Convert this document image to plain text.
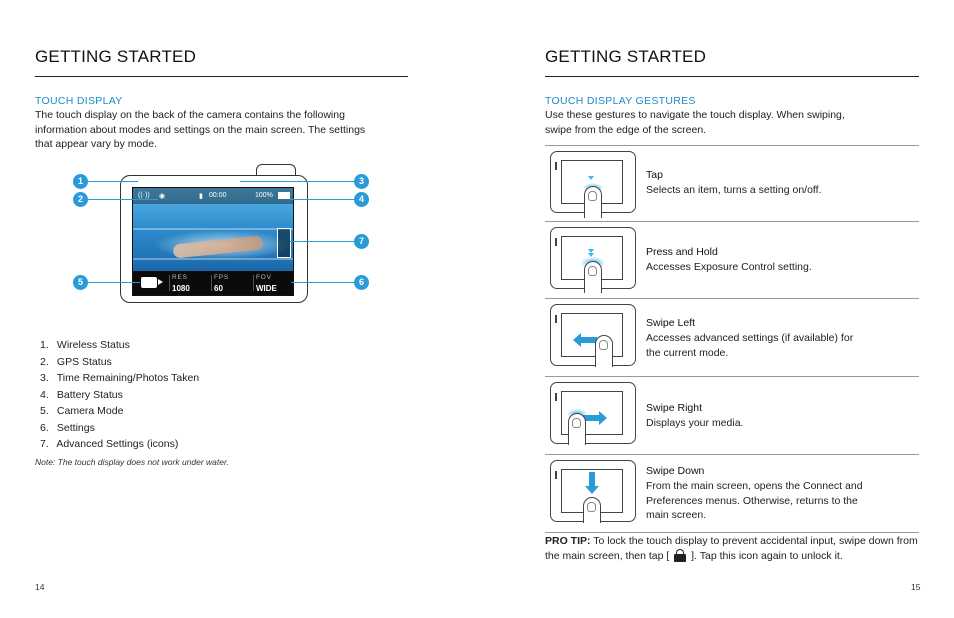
GETTING STARTED
TOUCH DISPLAY
The touch display on the back of the camera contains the following
information about modes and settings on the main screen. The settings
that appear vary by mode.
((·)) ◉	▮ 00:00	100%
RES
1080
FPS
60
FOV
WIDE
1
2
3
4
7
5	6
1. Wireless Status
2. GPS Status
3. Time Remaining/Photos Taken
4. Battery Status
5. Camera Mode
6. Settings
7. Advanced Settings (icons)
Note: The touch display does not work under water.
14
GETTING STARTED
TOUCH DISPLAY GESTURES
Use these gestures to navigate the touch display. When swiping,
swipe from the edge of the screen.
Tap
Selects an item, turns a setting on/off.
Press and Hold
Accesses Exposure Control setting.
Swipe Left
Accesses advanced settings (if available) for
the current mode.
Swipe Right
Displays your media.
Swipe Down
From the main screen, opens the Connect and
Preferences menus. Otherwise, returns to the
main screen.
PRO TIP: To lock the touch display to prevent accidental input, swipe down from the main screen, then tap [
]. Tap this icon again to unlock it.
15
